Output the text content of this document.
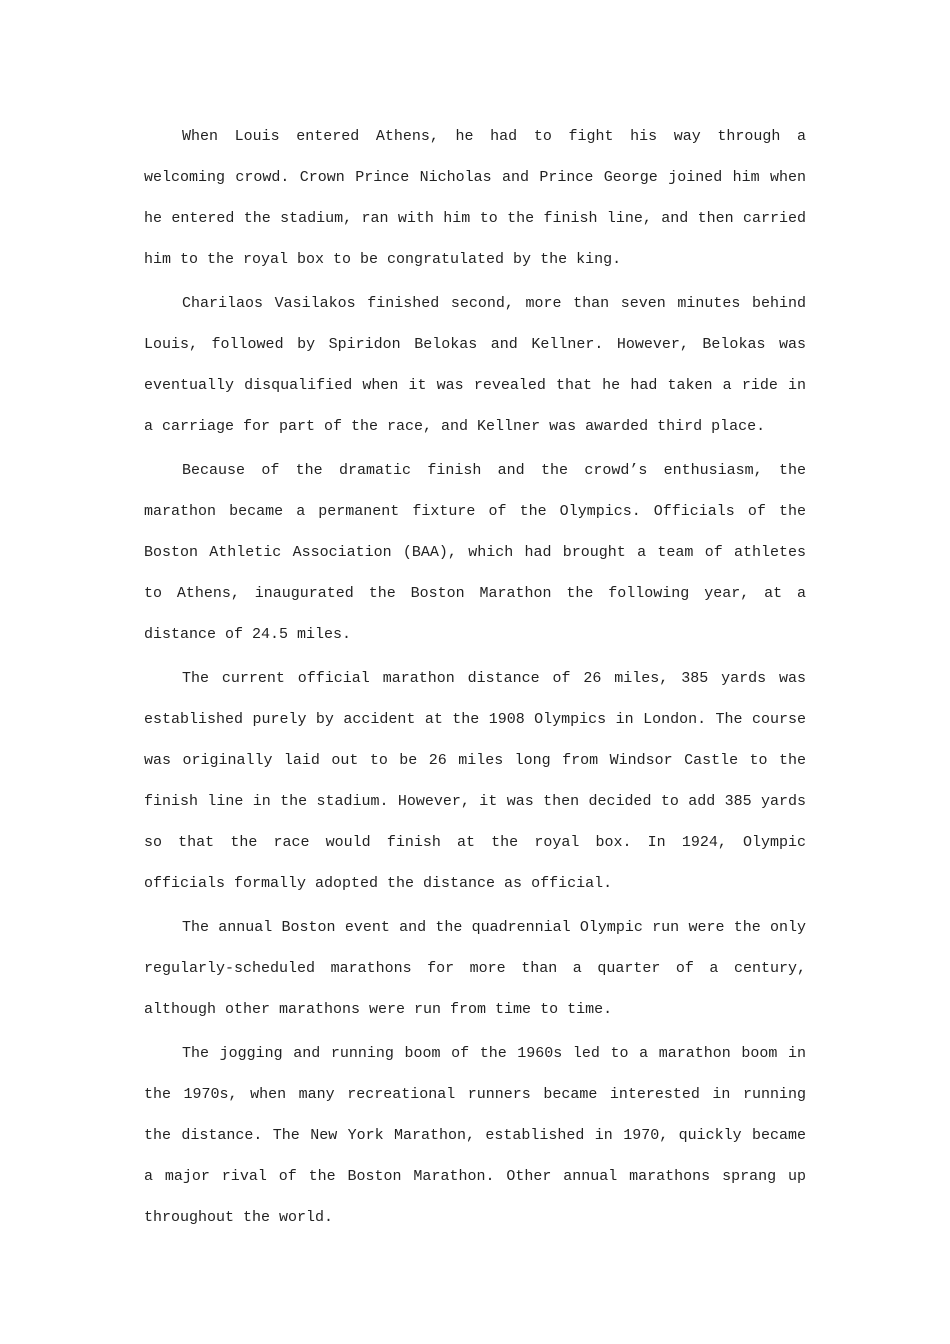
When Louis entered Athens, he had to fight his way through a welcoming crowd. Crown Prince Nicholas and Prince George joined him when he entered the stadium, ran with him to the finish line, and then carried him to the royal box to be congratulated by the king.

Charilaos Vasilakos finished second, more than seven minutes behind Louis, followed by Spiridon Belokas and Kellner. However, Belokas was eventually disqualified when it was revealed that he had taken a ride in a carriage for part of the race, and Kellner was awarded third place.

Because of the dramatic finish and the crowd’s enthusiasm, the marathon became a permanent fixture of the Olympics. Officials of the Boston Athletic Association (BAA), which had brought a team of athletes to Athens, inaugurated the Boston Marathon the following year, at a distance of 24.5 miles.

The current official marathon distance of 26 miles, 385 yards was established purely by accident at the 1908 Olympics in London. The course was originally laid out to be 26 miles long from Windsor Castle to the finish line in the stadium. However, it was then decided to add 385 yards so that the race would finish at the royal box. In 1924, Olympic officials formally adopted the distance as official.

The annual Boston event and the quadrennial Olympic run were the only regularly-scheduled marathons for more than a quarter of a century, although other marathons were run from time to time.

The jogging and running boom of the 1960s led to a marathon boom in the 1970s, when many recreational runners became interested in running the distance. The New York Marathon, established in 1970, quickly became a major rival of the Boston Marathon. Other annual marathons sprang up throughout the world.
